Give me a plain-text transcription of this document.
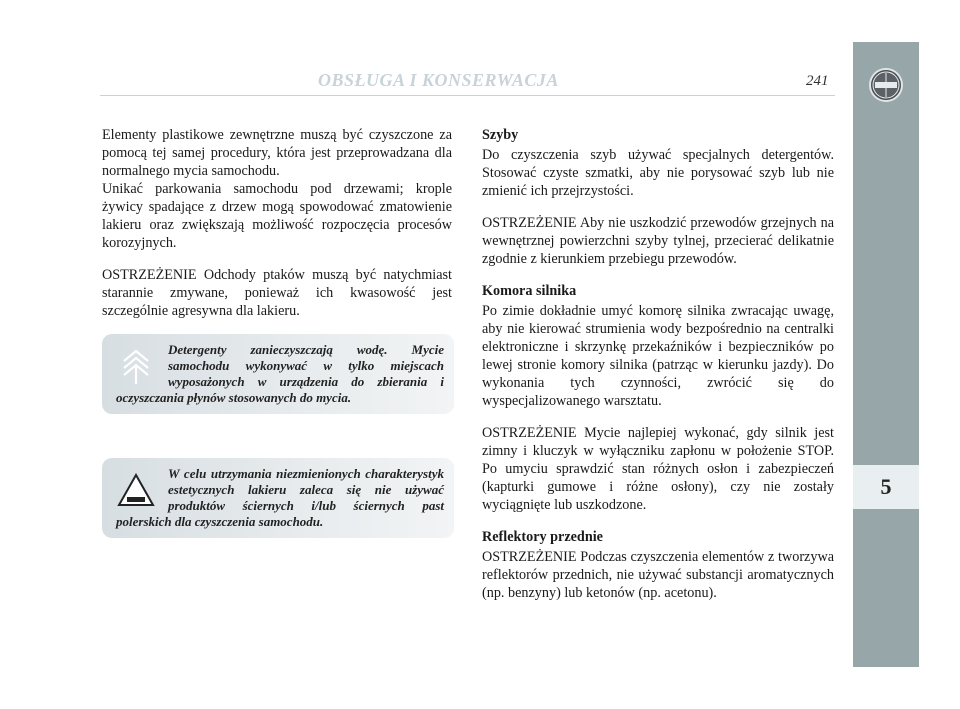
OBSŁUGA I KONSERWACJA	241
5

Elementy plastikowe zewnętrzne muszą być czyszczone za pomocą tej samej procedury, która jest przeprowadzana dla normalnego mycia samochodu.

Unikać parkowania samochodu pod drzewami; krople żywicy spadające z drzew mogą spowodować zmatowienie lakieru oraz zwiększają możliwość rozpoczęcia procesów korozyjnych.

OSTRZEŻENIE Odchody ptaków muszą być natychmiast starannie zmywane, ponieważ ich kwasowość jest szczególnie agresywna dla lakieru.

Detergenty zanieczyszczają wodę. Mycie samochodu wykonywać w tylko miejscach wyposażonych w urządzenia do zbierania i oczyszczania płynów stosowanych do mycia.
W celu utrzymania niezmienionych charakterystyk estetycznych lakieru zaleca się nie używać produktów ściernych i/lub ściernych past polerskich dla czyszczenia samochodu.
Szyby

Do czyszczenia szyb używać specjalnych detergentów. Stosować czyste szmatki, aby nie porysować szyb lub nie zmienić ich przejrzystości.

OSTRZEŻENIE Aby nie uszkodzić przewodów grzejnych na wewnętrznej powierzchni szyby tylnej, przecierać delikatnie zgodnie z kierunkiem przebiegu przewodów.

Komora silnika

Po zimie dokładnie umyć komorę silnika zwracając uwagę, aby nie kierować strumienia wody bezpośrednio na centralki elektroniczne i skrzynkę przekaźników i bezpieczników po lewej stronie komory silnika (patrząc w kierunku jazdy). Do wykonania tych czynności, zwrócić się do wyspecjalizowanego warsztatu.

OSTRZEŻENIE Mycie najlepiej wykonać, gdy silnik jest zimny i kluczyk w wyłączniku zapłonu w położenie STOP. Po umyciu sprawdzić stan różnych osłon i zabezpieczeń (kapturki gumowe i różne osłony), czy nie zostały wyciągnięte lub uszkodzone.

Reflektory przednie

OSTRZEŻENIE Podczas czyszczenia elementów z tworzywa reflektorów przednich, nie używać substancji aromatycznych (np. benzyny) lub ketonów (np. acetonu).
